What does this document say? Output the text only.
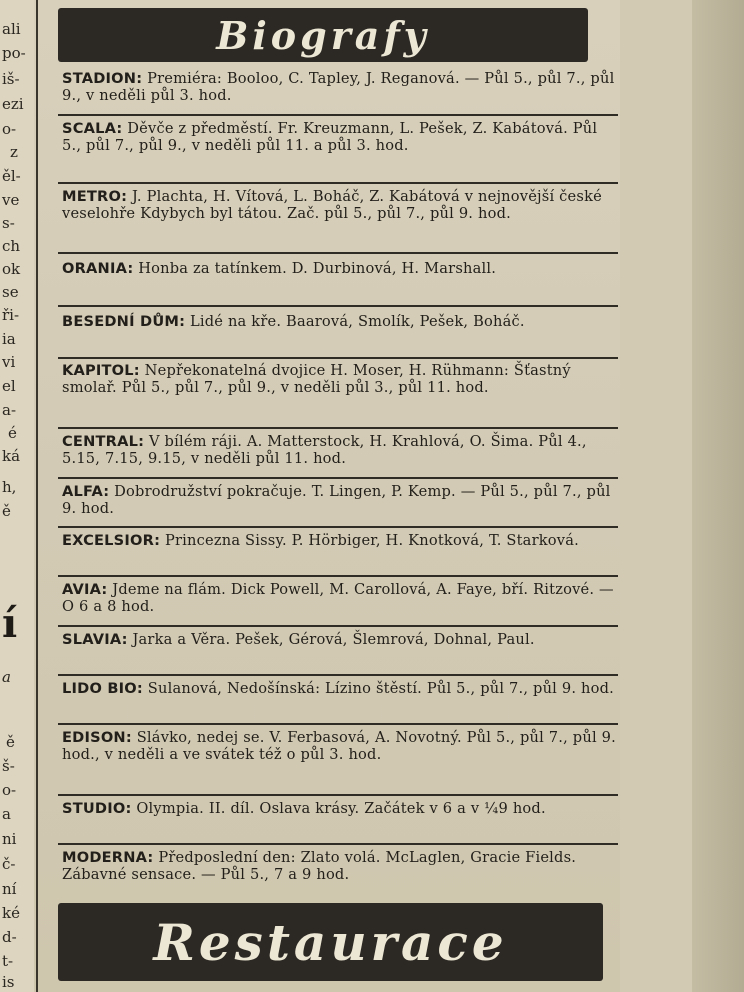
ali
po-
iš-
ezi
o-
z
ěl-
ve
s-
ch
ok
se
ři-
ia
vi
el
a-
é
ká
h,
ě
í
a
ě
š-
o-
a
ni
č-
ní
ké
d-
t-
is
Biografy
STADION: Premiéra: Booloo, C. Tapley, J. Reganová. — Půl 5., půl 7., půl 9., v neděli půl 3. hod.
SCALA: Děvče z předměstí. Fr. Kreuzmann, L. Pešek, Z. Kabátová. Půl 5., půl 7., půl 9., v neděli půl 11. a půl 3. hod.
METRO: J. Plachta, H. Vítová, L. Boháč, Z. Kabátová v nejnovější české veselohře Kdybych byl tátou. Zač. půl 5., půl 7., půl 9. hod.
ORANIA: Honba za tatínkem. D. Durbinová, H. Marshall.
BESEDNÍ DŮM: Lidé na kře. Baarová, Smolík, Pešek, Boháč.
KAPITOL: Nepřekonatelná dvojice H. Moser, H. Rühmann: Šťastný smolař. Půl 5., půl 7., půl 9., v neděli půl 3., půl 11. hod.
CENTRAL: V bílém ráji. A. Matterstock, H. Krahlová, O. Šima. Půl 4., 5.15, 7.15, 9.15, v neděli půl 11. hod.
ALFA: Dobrodružství pokračuje. T. Lingen, P. Kemp. — Půl 5., půl 7., půl 9. hod.
EXCELSIOR: Princezna Sissy. P. Hörbiger, H. Knotková, T. Starková.
AVIA: Jdeme na flám. Dick Powell, M. Carollová, A. Faye, bří. Ritzové. — O 6 a 8 hod.
SLAVIA: Jarka a Věra. Pešek, Gérová, Šlemrová, Dohnal, Paul.
LIDO BIO: Sulanová, Nedošínská: Lízino štěstí. Půl 5., půl 7., půl 9. hod.
EDISON: Slávko, nedej se. V. Ferbasová, A. Novotný. Půl 5., půl 7., půl 9. hod., v neděli a ve svátek též o půl 3. hod.
STUDIO: Olympia. II. díl. Oslava krásy. Začátek v 6 a v ¼9 hod.
MODERNA: Předposlední den: Zlato volá. McLaglen, Gracie Fields. Zábavné sensace. — Půl 5., 7 a 9 hod.
Restaurace
